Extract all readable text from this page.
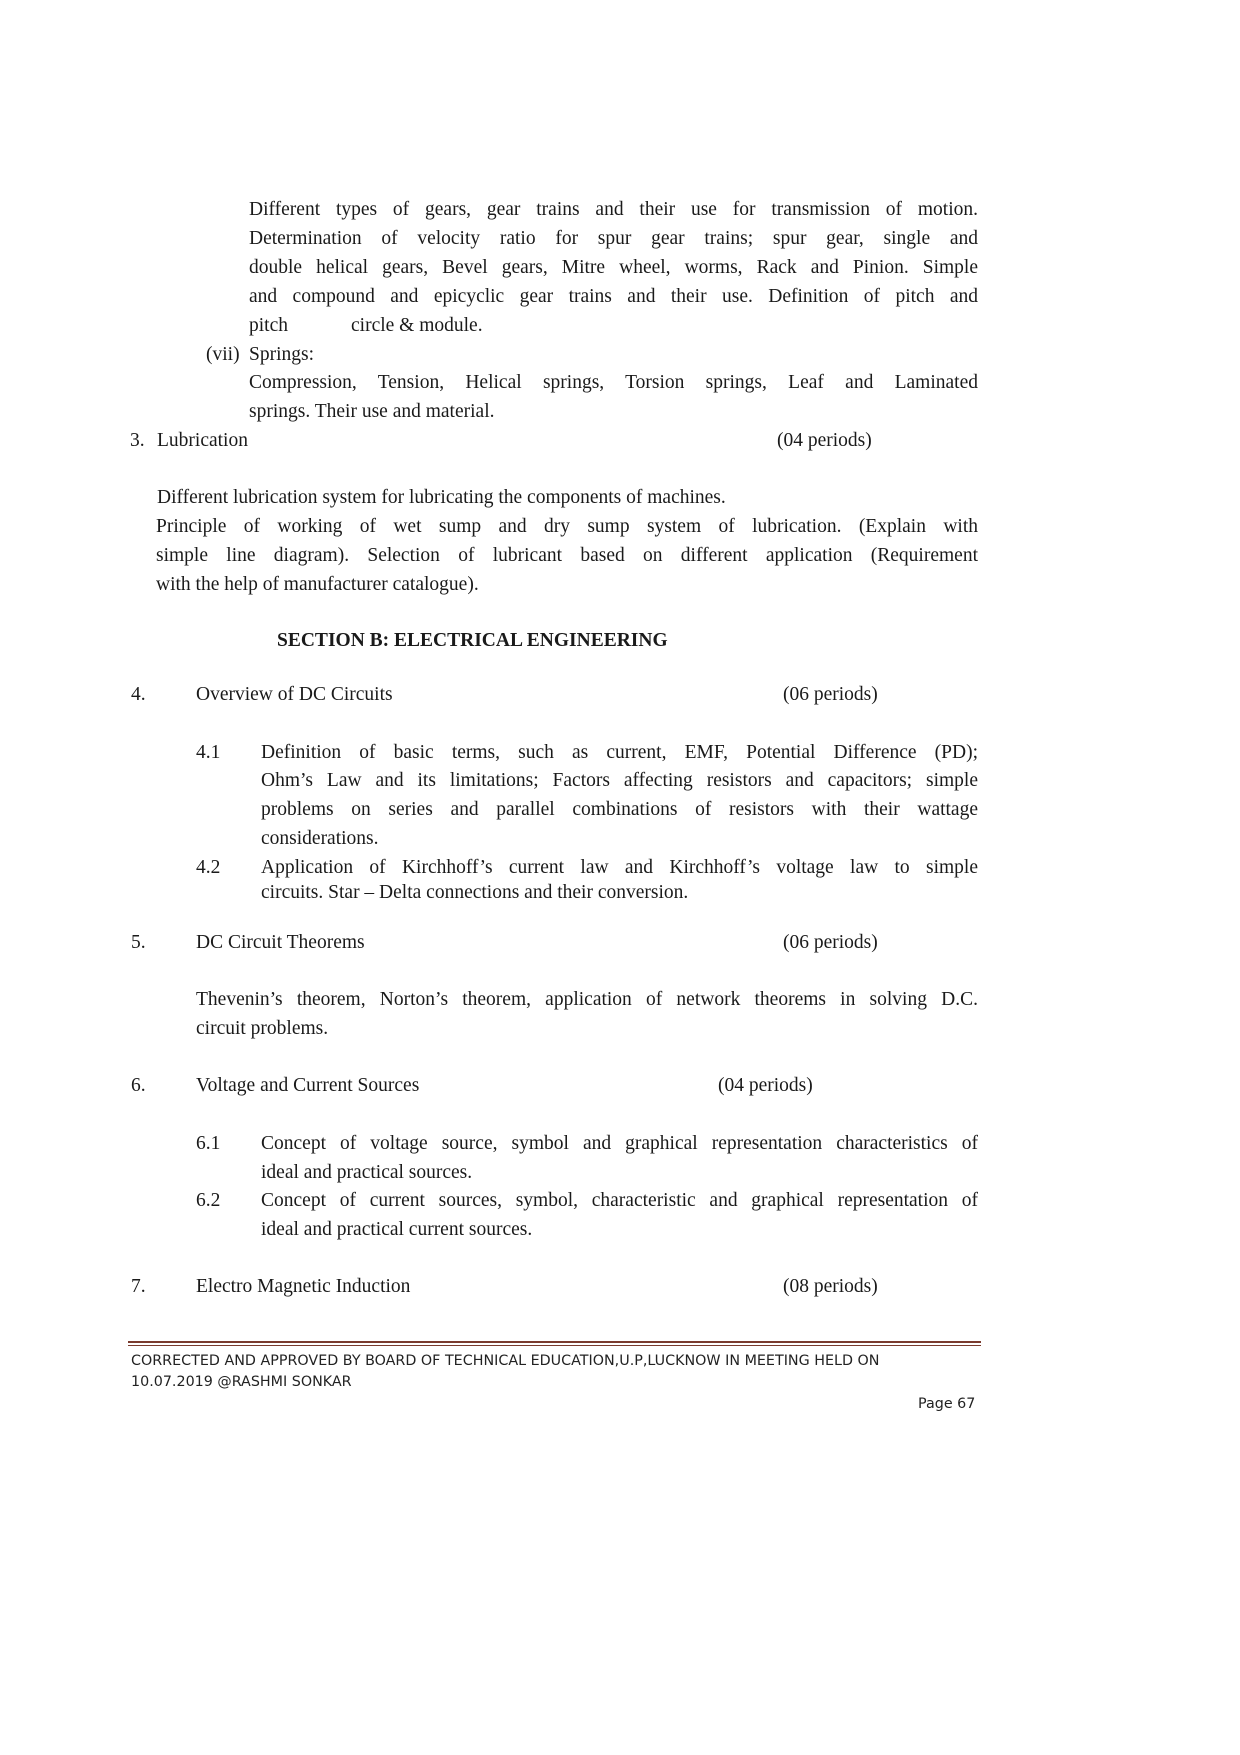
Different types of gears, gear trains and their use for transmission of motion.
Determination of velocity ratio for spur gear trains; spur gear, single and
double helical gears, Bevel gears, Mitre wheel, worms, Rack and Pinion. Simple
and compound and epicyclic gear trains and their use. Definition of pitch and
pitch	circle & module.
(vii) Springs:
Compression, Tension, Helical springs, Torsion springs, Leaf and Laminated
springs. Their use and material.
3. Lubrication	(04 periods)
Different lubrication system for lubricating the components of machines.
Principle of working of wet sump and dry sump system of lubrication. (Explain with
simple line diagram). Selection of lubricant based on different application (Requirement
with the help of manufacturer catalogue).
SECTION B: ELECTRICAL ENGINEERING
4.	Overview of DC Circuits	(06 periods)
4.1 Definition of basic terms, such as current, EMF, Potential Difference (PD);
Ohm’s Law and its limitations; Factors affecting resistors and capacitors; simple
problems on series and parallel combinations of resistors with their wattage
considerations.
4.2 Application of Kirchhoff’s current law and Kirchhoff’s voltage law to simple
circuits. Star – Delta connections and their conversion.
5.	DC Circuit Theorems	(06 periods)
Thevenin’s theorem, Norton’s theorem, application of network theorems in solving D.C.
circuit problems.
6.	Voltage and Current Sources	(04 periods)
6.1 Concept of voltage source, symbol and graphical representation characteristics of
ideal and practical sources.
6.2 Concept of current sources, symbol, characteristic and graphical representation of
ideal and practical current sources.
7.	Electro Magnetic Induction	(08 periods)
CORRECTED AND APPROVED BY BOARD OF TECHNICAL EDUCATION,U.P,LUCKNOW IN MEETING HELD ON
10.07.2019 @RASHMI SONKAR
Page 67
